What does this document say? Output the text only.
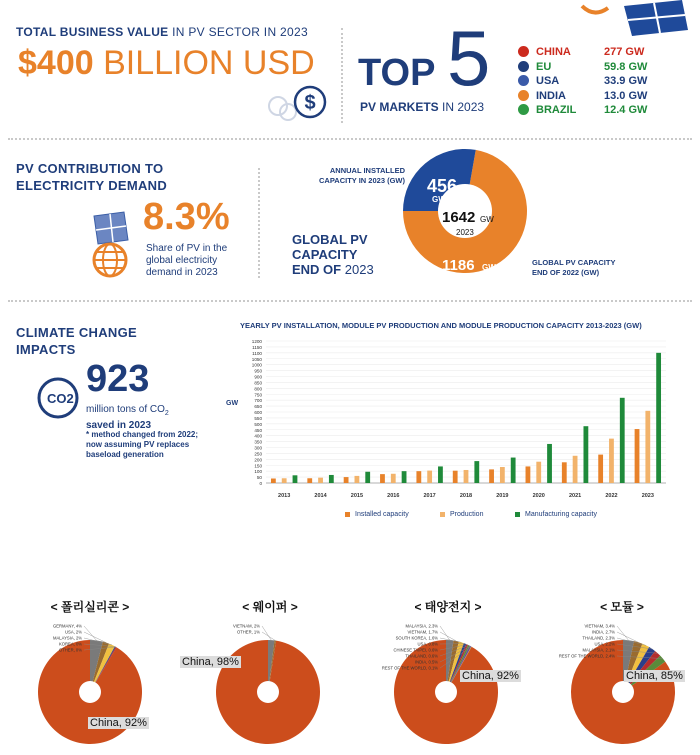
TOTAL BUSINESS VALUE IN PV SECTOR IN 2023
$400 BILLION USD
$
TOP 5
PV MARKETS IN 2023
CHINA	277 GW
EU	59.8 GW
USA	33.9 GW
INDIA	13.0 GW
BRAZIL	12.4 GW
PV CONTRIBUTION TO
ELECTRICITY DEMAND
8.3%
Share of PV in the
global electricity
demand in 2023
GLOBAL PV
CAPACITY
END OF 2023
ANNUAL INSTALLED
CAPACITY IN 2023 (GW)
GLOBAL PV CAPACITY
END OF 2022 (GW)
456
GW
1642 GW
2023
1186 GW
CLIMATE CHANGE
IMPACTS
CO2 923
million tons of $CO_2$
saved in 2023
* method changed from 2022;
now assuming PV replaces
baseload generation
YEARLY PV INSTALLATION, MODULE PV PRODUCTION AND MODULE PRODUCTION CAPACITY 2013-2023 (GW)
GW
0
50
100
150
200
250
300
350
400
450
500
550
600
650
700
750
800
850
900
950
1000
1050
1100
1150
1200
2013	2014	2015	2016	2017	2018	2019	2020	2021	2022	2023
Installed capacity	Production	Manufacturing capacity
< 폴리실리콘 >
GERMANY, 4%
USA, 2%
MALAYSIA, 2%
KOREA, 0%
OTHER, 0%
China, 92%
< 웨이퍼 >
VIETNAM, 2%
OTHER, 1%
China, 98%
< 태양전지 >
MALAYSIA, 2.3%
VIETNAM, 1.7%
SOUTH KOREA, 1.6%
USA, 0.8%
CHINESE TAIPEI, 0.6%
THAILAND, 0.6%
INDIA, 0.5%
REST OF THE WORLD, 0.1%
China, 92%
< 모듈 >
VIETNAM, 3.4%
INDIA, 2.7%
THAILAND, 2.3%
USA, 2.2%
MALAYSIA, 2.1%
REST OF THE WORLD, 2.4%
China, 85%
